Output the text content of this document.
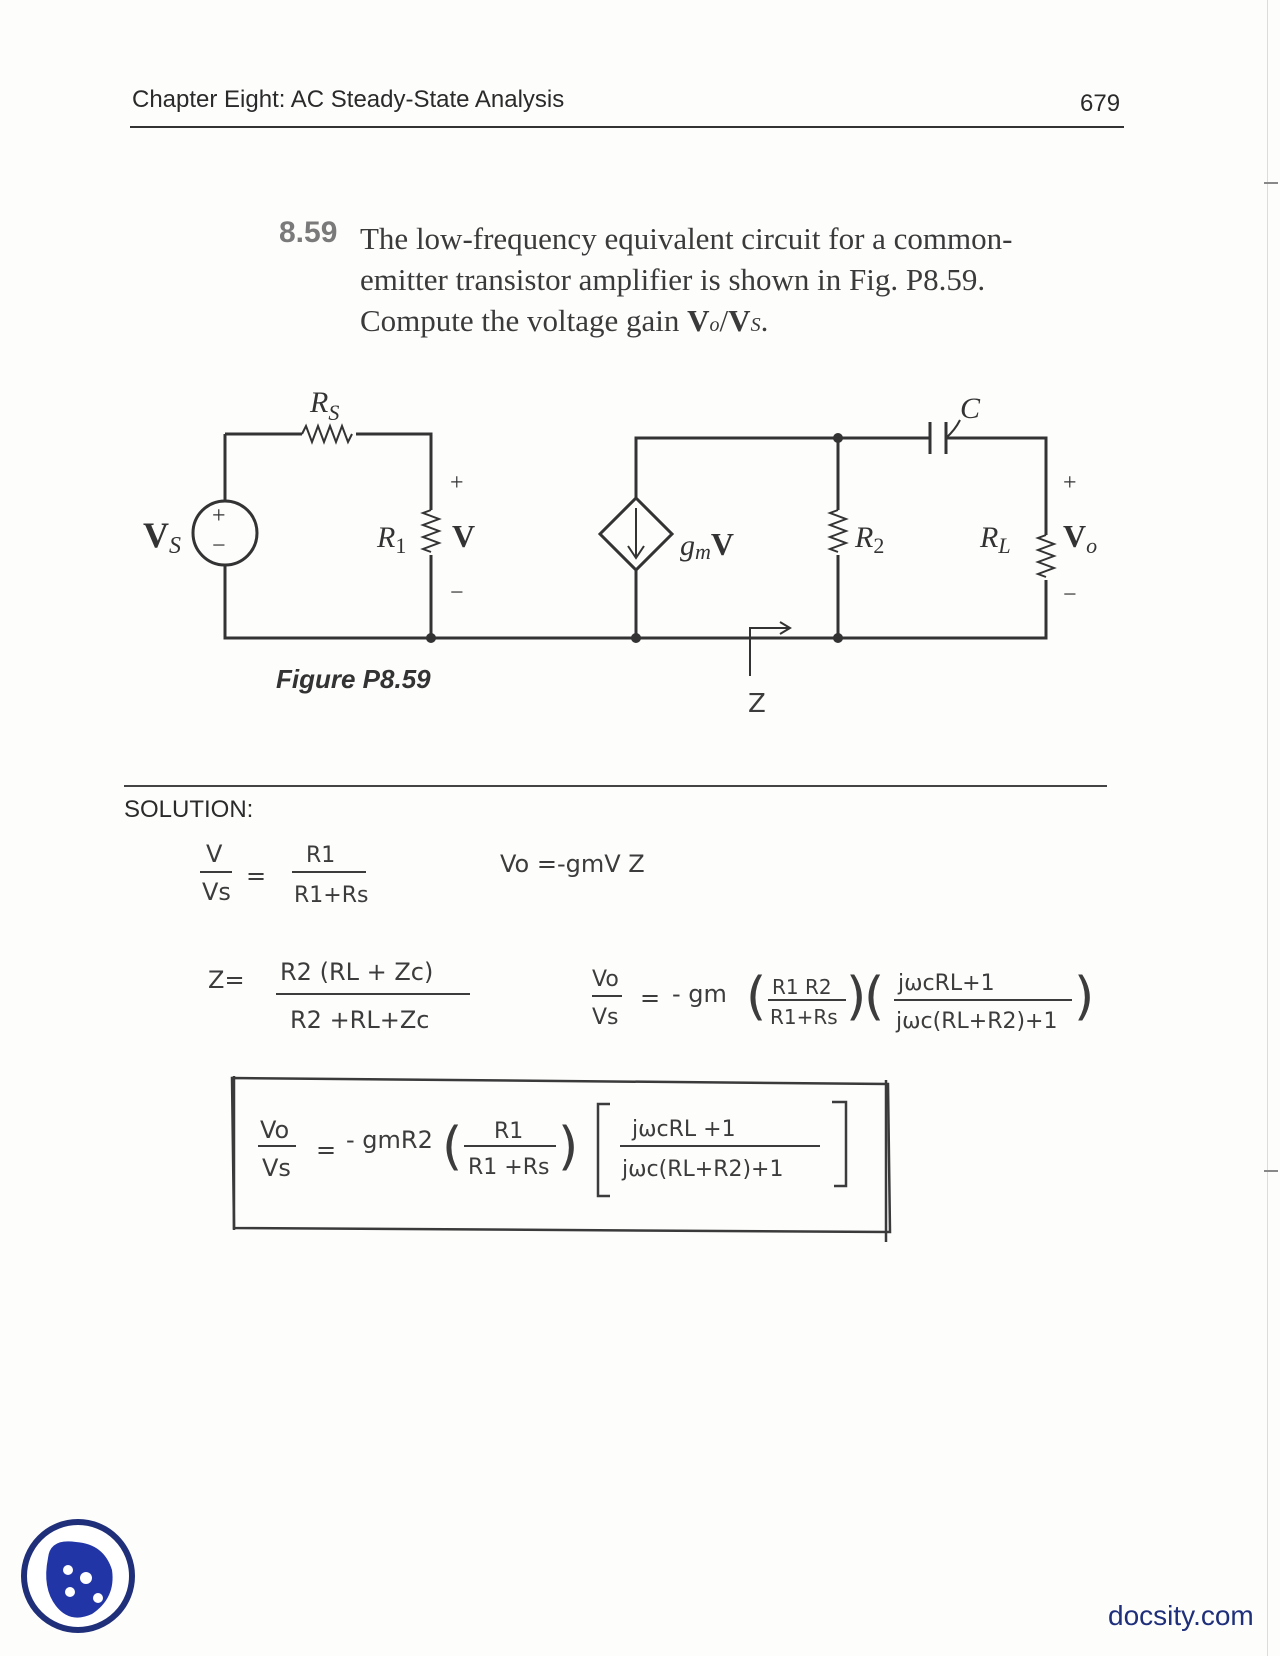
Chapter Eight: AC Steady-State Analysis	679
8.59 The low-frequency equivalent circuit for a common-
emitter transistor amplifier is shown in Fig. P8.59.
Compute the voltage gain Vo/VS.
+
−
$R_S$
VS	$R_1$
+
V
−
gmV	$R_2$
C
$R_L$
+
Vo
−
Z
V
Vs
=
R1
R1+Rs
Vo =-gmV Z
Z= R2 (RL + Zc)
R2 +RL+Zc
Vo
Vs
= - gm ( R1 R2
R1+Rs )
( jωcRL+1
jωc(RL+R2)+1 )
Vo
Vs
= - gmR2 ( R1
R1 +Rs ) jωcRL +1
jωc(RL+R2)+1
Figure P8.59
SOLUTION:
docsity.com
